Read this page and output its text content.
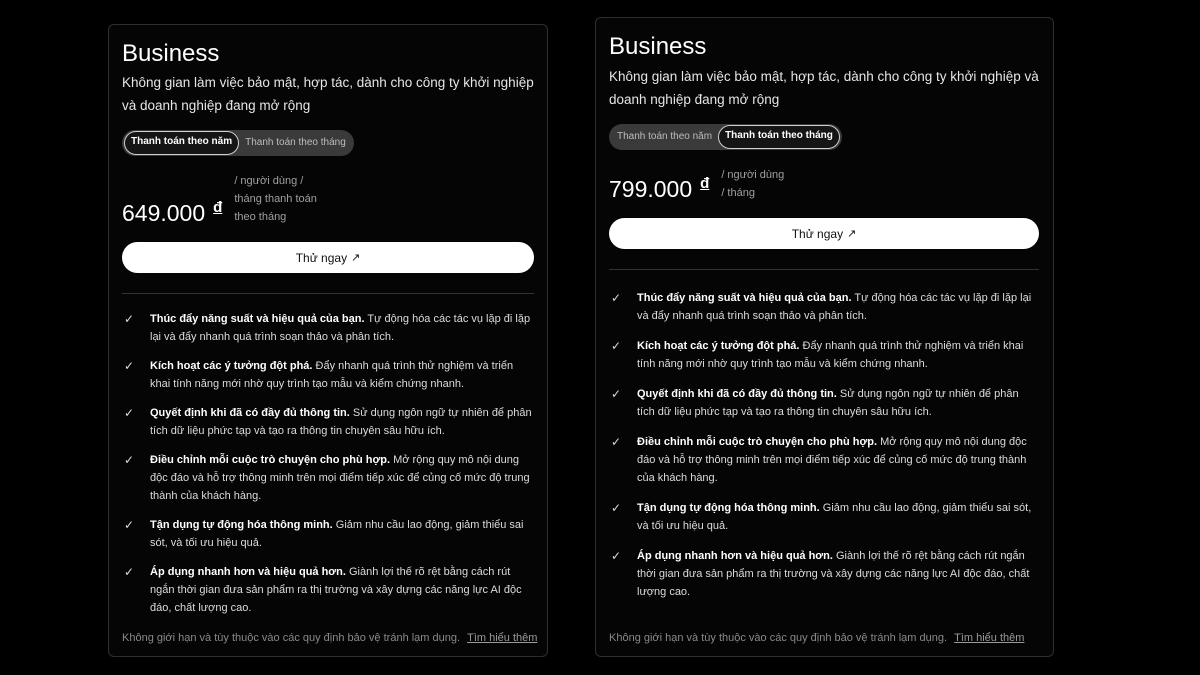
Business
Không gian làm việc bảo mật, hợp tác, dành cho công ty khởi nghiệp và doanh nghiệp đang mở rộng
Thanh toán theo năm	Thanh toán theo tháng
649.000 đ
/ người dùng /
tháng thanh toán
theo tháng
Thử ngay ↗
✓	Thúc đẩy năng suất và hiệu quả của bạn. Tự động hóa các tác vụ lặp đi lặp lại và đẩy nhanh quá trình soạn thảo và phân tích.
✓	Kích hoạt các ý tưởng đột phá. Đẩy nhanh quá trình thử nghiệm và triển khai tính năng mới nhờ quy trình tạo mẫu và kiểm chứng nhanh.
✓	Quyết định khi đã có đầy đủ thông tin. Sử dụng ngôn ngữ tự nhiên để phân tích dữ liệu phức tạp và tạo ra thông tin chuyên sâu hữu ích.
✓	Điều chỉnh mỗi cuộc trò chuyện cho phù hợp. Mở rộng quy mô nội dung độc đáo và hỗ trợ thông minh trên mọi điểm tiếp xúc để củng cố mức độ trung thành của khách hàng.
✓	Tận dụng tự động hóa thông minh. Giảm nhu cầu lao động, giảm thiểu sai sót, và tối ưu hiệu quả.
✓	Áp dụng nhanh hơn và hiệu quả hơn. Giành lợi thế rõ rệt bằng cách rút ngắn thời gian đưa sản phẩm ra thị trường và xây dựng các năng lực AI độc đáo, chất lượng cao.
Không giới hạn và tùy thuộc vào các quy định bảo vệ tránh lạm dụng. Tìm hiểu thêm
Business
Không gian làm việc bảo mật, hợp tác, dành cho công ty khởi nghiệp và doanh nghiệp đang mở rộng
Thanh toán theo năm	Thanh toán theo tháng
799.000 đ / người dùng
/ tháng
Thử ngay ↗
✓	Thúc đẩy năng suất và hiệu quả của bạn. Tự động hóa các tác vụ lặp đi lặp lại và đẩy nhanh quá trình soạn thảo và phân tích.
✓	Kích hoạt các ý tưởng đột phá. Đẩy nhanh quá trình thử nghiệm và triển khai tính năng mới nhờ quy trình tạo mẫu và kiểm chứng nhanh.
✓	Quyết định khi đã có đầy đủ thông tin. Sử dụng ngôn ngữ tự nhiên để phân tích dữ liệu phức tạp và tạo ra thông tin chuyên sâu hữu ích.
✓	Điều chỉnh mỗi cuộc trò chuyện cho phù hợp. Mở rộng quy mô nội dung độc đáo và hỗ trợ thông minh trên mọi điểm tiếp xúc để củng cố mức độ trung thành của khách hàng.
✓	Tận dụng tự động hóa thông minh. Giảm nhu cầu lao động, giảm thiểu sai sót, và tối ưu hiệu quả.
✓	Áp dụng nhanh hơn và hiệu quả hơn. Giành lợi thế rõ rệt bằng cách rút ngắn thời gian đưa sản phẩm ra thị trường và xây dựng các năng lực AI độc đáo, chất lượng cao.
Không giới hạn và tùy thuộc vào các quy định bảo vệ tránh lạm dụng. Tìm hiểu thêm
